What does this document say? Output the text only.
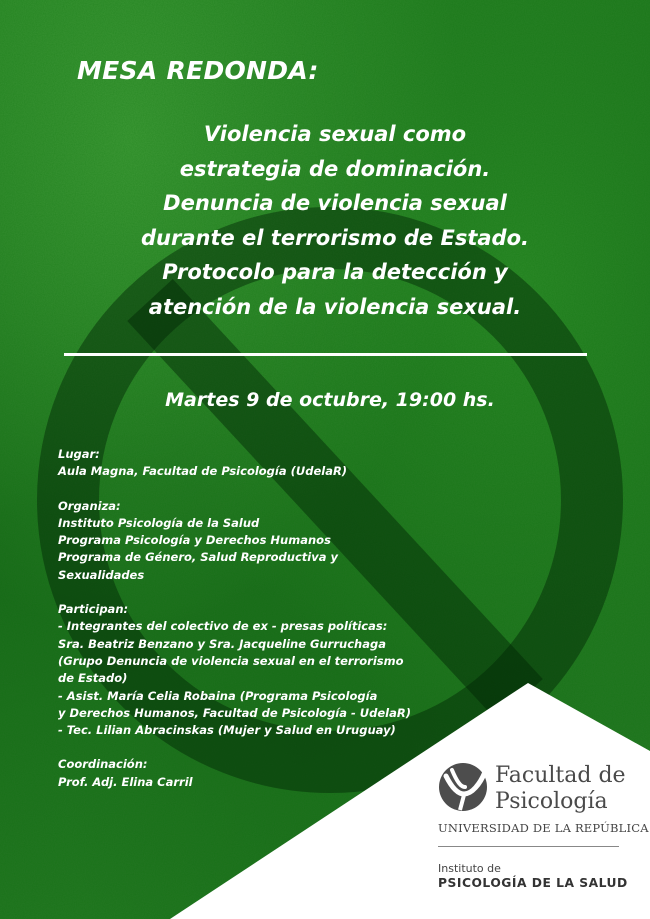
MESA REDONDA:
Violencia sexual como
estrategia de dominación.
Denuncia de violencia sexual
durante el terrorismo de Estado.
Protocolo para la detección y
atención de la violencia sexual.

Martes 9 de octubre, 19:00 hs.

Lugar:

Aula Magna, Facultad de Psicología (UdelaR)

Organiza:

Instituto Psicología de la Salud

Programa Psicología y Derechos Humanos

Programa de Género, Salud Reproductiva y

Sexualidades

Participan:

- Integrantes del colectivo de ex - presas políticas:

Sra. Beatriz Benzano y Sra. Jacqueline Gurruchaga

(Grupo Denuncia de violencia sexual en el terrorismo

de Estado)

- Asist. María Celia Robaina (Programa Psicología

y Derechos Humanos, Facultad de Psicología - UdelaR)

- Tec. Lilian Abracinskas (Mujer y Salud en Uruguay)

Coordinación:

Prof. Adj. Elina Carril	Facultad de
Psicología

UNIVERSIDAD DE LA REPÚBLICA

Instituto de

PSICOLOGÍA DE LA SALUD
